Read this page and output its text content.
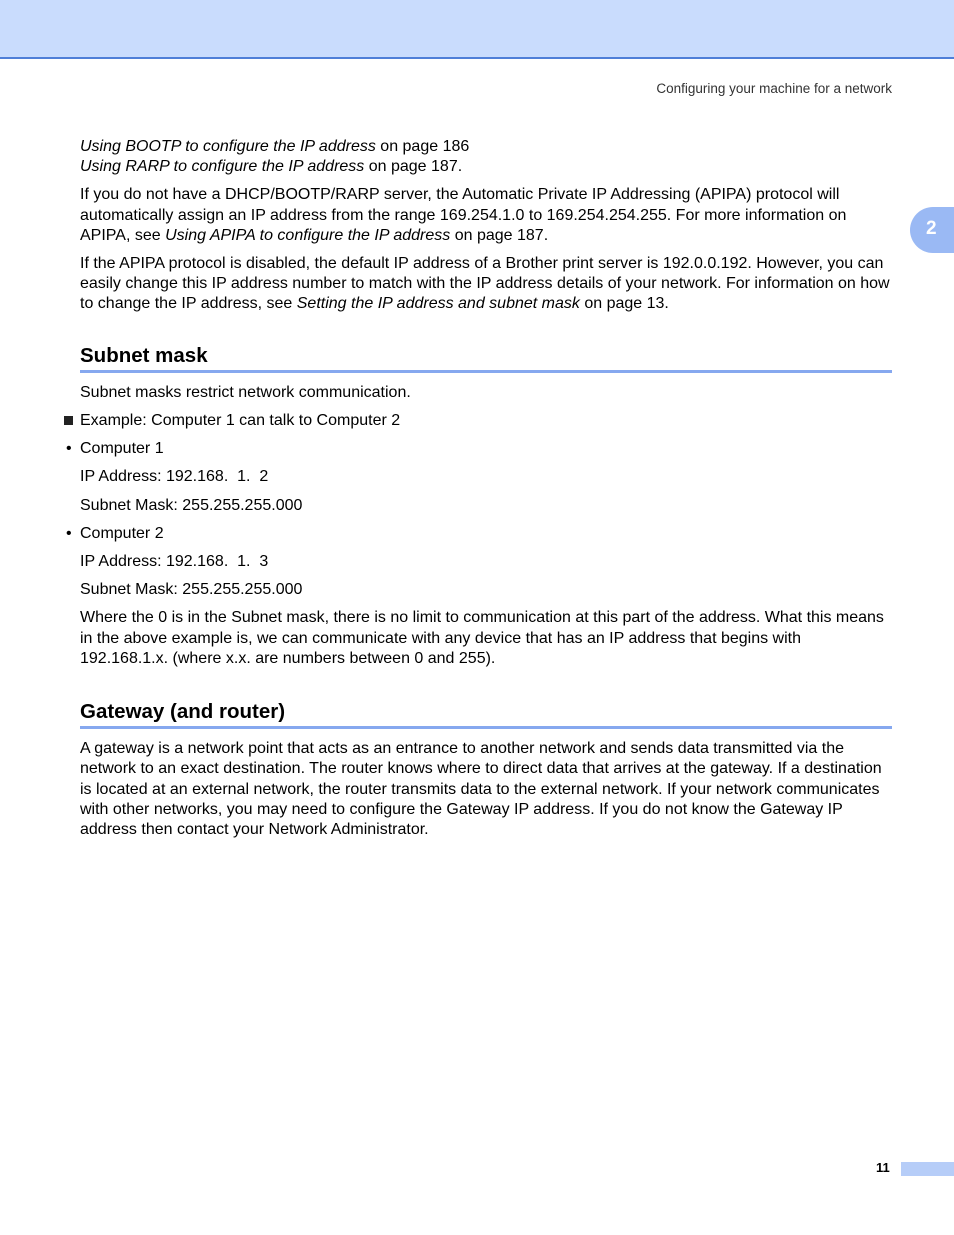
Configuring your machine for a network
2

Using BOOTP to configure the IP address on page 186

Using RARP to configure the IP address on page 187.

If you do not have a DHCP/BOOTP/RARP server, the Automatic Private IP Addressing (APIPA) protocol will automatically assign an IP address from the range 169.254.1.0 to 169.254.254.255. For more information on APIPA, see Using APIPA to configure the IP address on page 187.

If the APIPA protocol is disabled, the default IP address of a Brother print server is 192.0.0.192. However, you can easily change this IP address number to match with the IP address details of your network. For information on how to change the IP address, see Setting the IP address and subnet mask on page 13.

Subnet mask

Subnet masks restrict network communication.

Example: Computer 1 can talk to Computer 2

• Computer 1

IP Address: 192.168.  1.  2

Subnet Mask: 255.255.255.000

• Computer 2

IP Address: 192.168.  1.  3

Subnet Mask: 255.255.255.000

Where the 0 is in the Subnet mask, there is no limit to communication at this part of the address. What this means in the above example is, we can communicate with any device that has an IP address that begins with 192.168.1.x. (where x.x. are numbers between 0 and 255).

Gateway (and router)

A gateway is a network point that acts as an entrance to another network and sends data transmitted via the network to an exact destination. The router knows where to direct data that arrives at the gateway. If a destination is located at an external network, the router transmits data to the external network. If your network communicates with other networks, you may need to configure the Gateway IP address. If you do not know the Gateway IP address then contact your Network Administrator.

11
